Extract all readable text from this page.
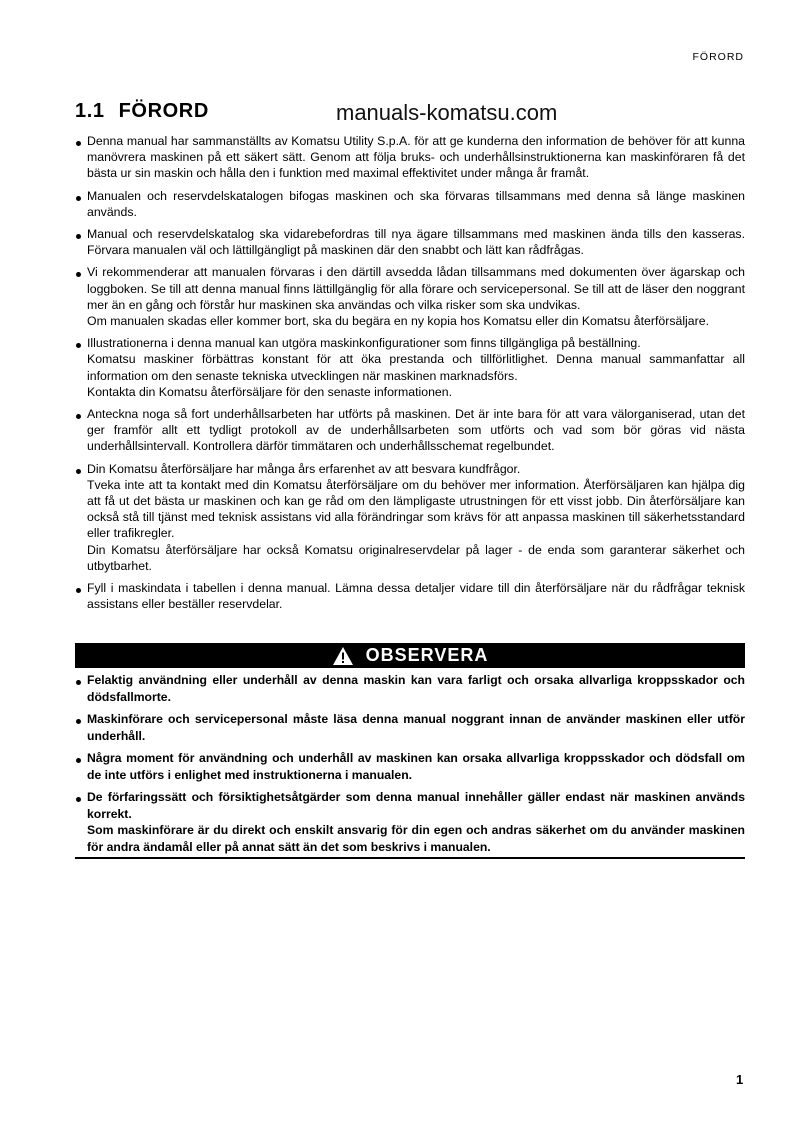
FÖRORD
1.1 FÖRORD	manuals-komatsu.com
Denna manual har sammanställts av Komatsu Utility S.p.A. för att ge kunderna den information de behöver för att kunna manövrera maskinen på ett säkert sätt. Genom att följa bruks- och underhållsinstruktionerna kan maskinföraren få det bästa ur sin maskin och hålla den i funktion med maximal effektivitet under många år framåt.
Manualen och reservdelskatalogen bifogas maskinen och ska förvaras tillsammans med denna så länge maskinen används.
Manual och reservdelskatalog ska vidarebefordras till nya ägare tillsammans med maskinen ända tills den kasseras. Förvara manualen väl och lättillgängligt på maskinen där den snabbt och lätt kan rådfrågas.
Vi rekommenderar att manualen förvaras i den därtill avsedda lådan tillsammans med dokumenten över ägarskap och loggboken. Se till att denna manual finns lättillgänglig för alla förare och servicepersonal. Se till att de läser den noggrant mer än en gång och förstår hur maskinen ska användas och vilka risker som ska undvikas.
Om manualen skadas eller kommer bort, ska du begära en ny kopia hos Komatsu eller din Komatsu återförsäljare.
Illustrationerna i denna manual kan utgöra maskinkonfigurationer som finns tillgängliga på beställning.
Komatsu maskiner förbättras konstant för att öka prestanda och tillförlitlighet. Denna manual sammanfattar all information om den senaste tekniska utvecklingen när maskinen marknadsförs.
Kontakta din Komatsu återförsäljare för den senaste informationen.
Anteckna noga så fort underhållsarbeten har utförts på maskinen. Det är inte bara för att vara välorganiserad, utan det ger framför allt ett tydligt protokoll av de underhållsarbeten som utförts och vad som bör göras vid nästa underhållsintervall. Kontrollera därför timmätaren och underhållsschemat regelbundet.
Din Komatsu återförsäljare har många års erfarenhet av att besvara kundfrågor.
Tveka inte att ta kontakt med din Komatsu återförsäljare om du behöver mer information. Återförsäljaren kan hjälpa dig att få ut det bästa ur maskinen och kan ge råd om den lämpligaste utrustningen för ett visst jobb. Din återförsäljare kan också stå till tjänst med teknisk assistans vid alla förändringar som krävs för att anpassa maskinen till säkerhetsstandard eller trafikregler.
Din Komatsu återförsäljare har också Komatsu originalreservdelar på lager - de enda som garanterar säkerhet och utbytbarhet.
Fyll i maskindata i tabellen i denna manual. Lämna dessa detaljer vidare till din återförsäljare när du rådfrågar teknisk assistans eller beställer reservdelar.
OBSERVERA
Felaktig användning eller underhåll av denna maskin kan vara farligt och orsaka allvarliga kroppsskador och dödsfallmorte.
Maskinförare och servicepersonal måste läsa denna manual noggrant innan de använder maskinen eller utför underhåll.
Några moment för användning och underhåll av maskinen kan orsaka allvarliga kroppsskador och dödsfall om de inte utförs i enlighet med instruktionerna i manualen.
De förfaringssätt och försiktighetsåtgärder som denna manual innehåller gäller endast när maskinen används korrekt.
Som maskinförare är du direkt och enskilt ansvarig för din egen och andras säkerhet om du använder maskinen för andra ändamål eller på annat sätt än det som beskrivs i manualen.
1
